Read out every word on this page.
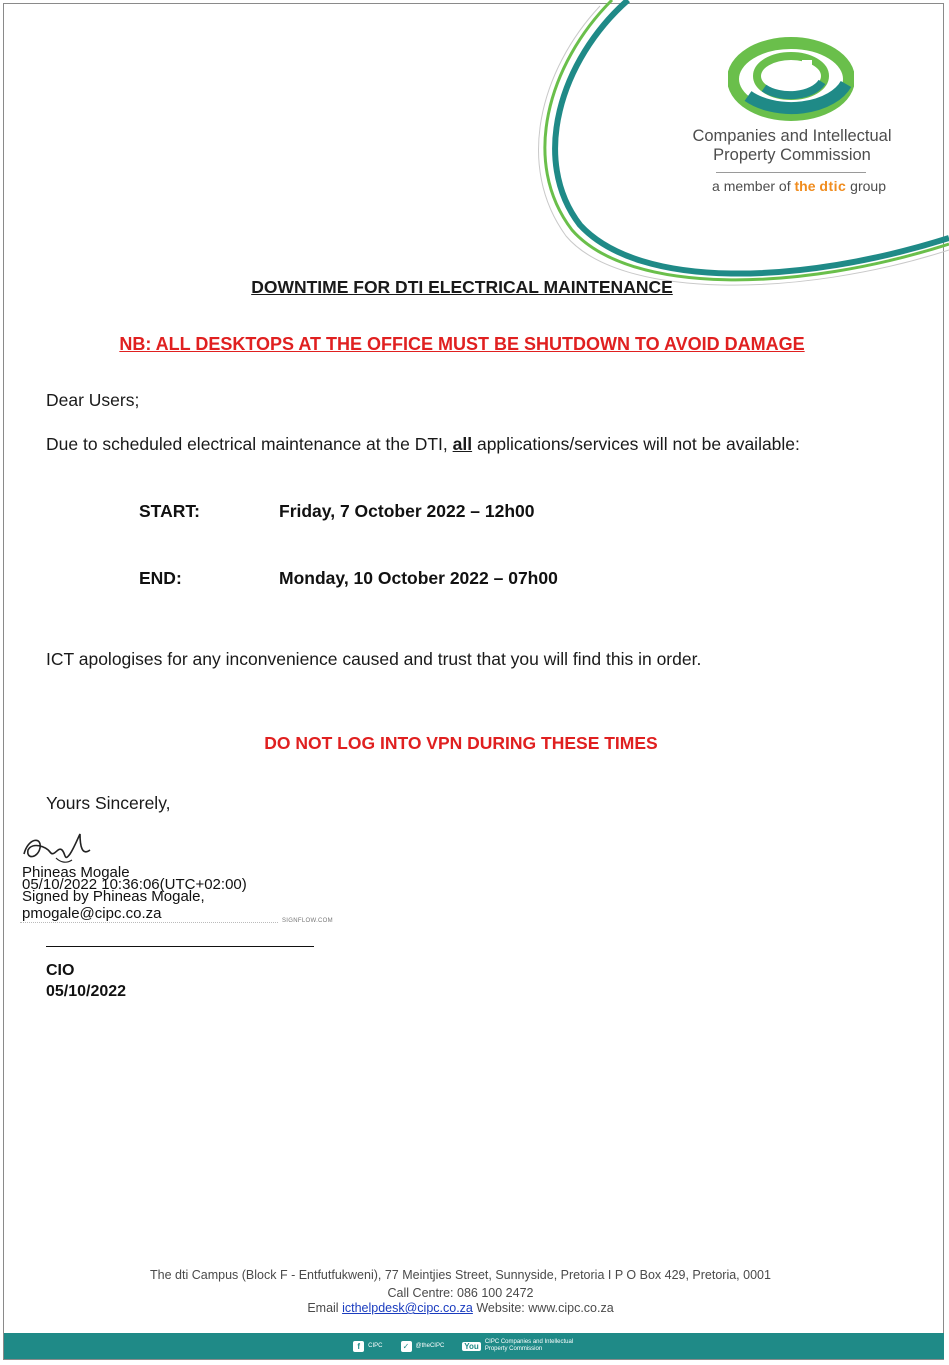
Companies and Intellectual
Property Commission
a member of the dtic group
DOWNTIME FOR DTI ELECTRICAL MAINTENANCE
NB: ALL DESKTOPS AT THE OFFICE MUST BE SHUTDOWN TO AVOID DAMAGE
Dear Users;
Due to scheduled electrical maintenance at the DTI, all applications/services will not be available:
START:	Friday, 7 October 2022 – 12h00
END:	Monday, 10 October 2022 – 07h00
ICT apologises for any inconvenience caused and trust that you will find this in order.
DO NOT LOG INTO VPN DURING THESE TIMES
Yours Sincerely,
Phineas Mogale
05/10/2022 10:36:06(UTC+02:00)
Signed by Phineas Mogale,
pmogale@cipc.co.za	SIGNFLOW.COM
CIO
05/10/2022
The dti Campus (Block F - Entfutfukweni), 77 Meintjies Street, Sunnyside, Pretoria I P O Box 429, Pretoria, 0001
Call Centre: 086 100 2472
Email icthelpdesk@cipc.co.za Website: www.cipc.co.za
f	CIPC	✓	@theCIPC	You	CIPC Companies and Intellectual Property Commission
